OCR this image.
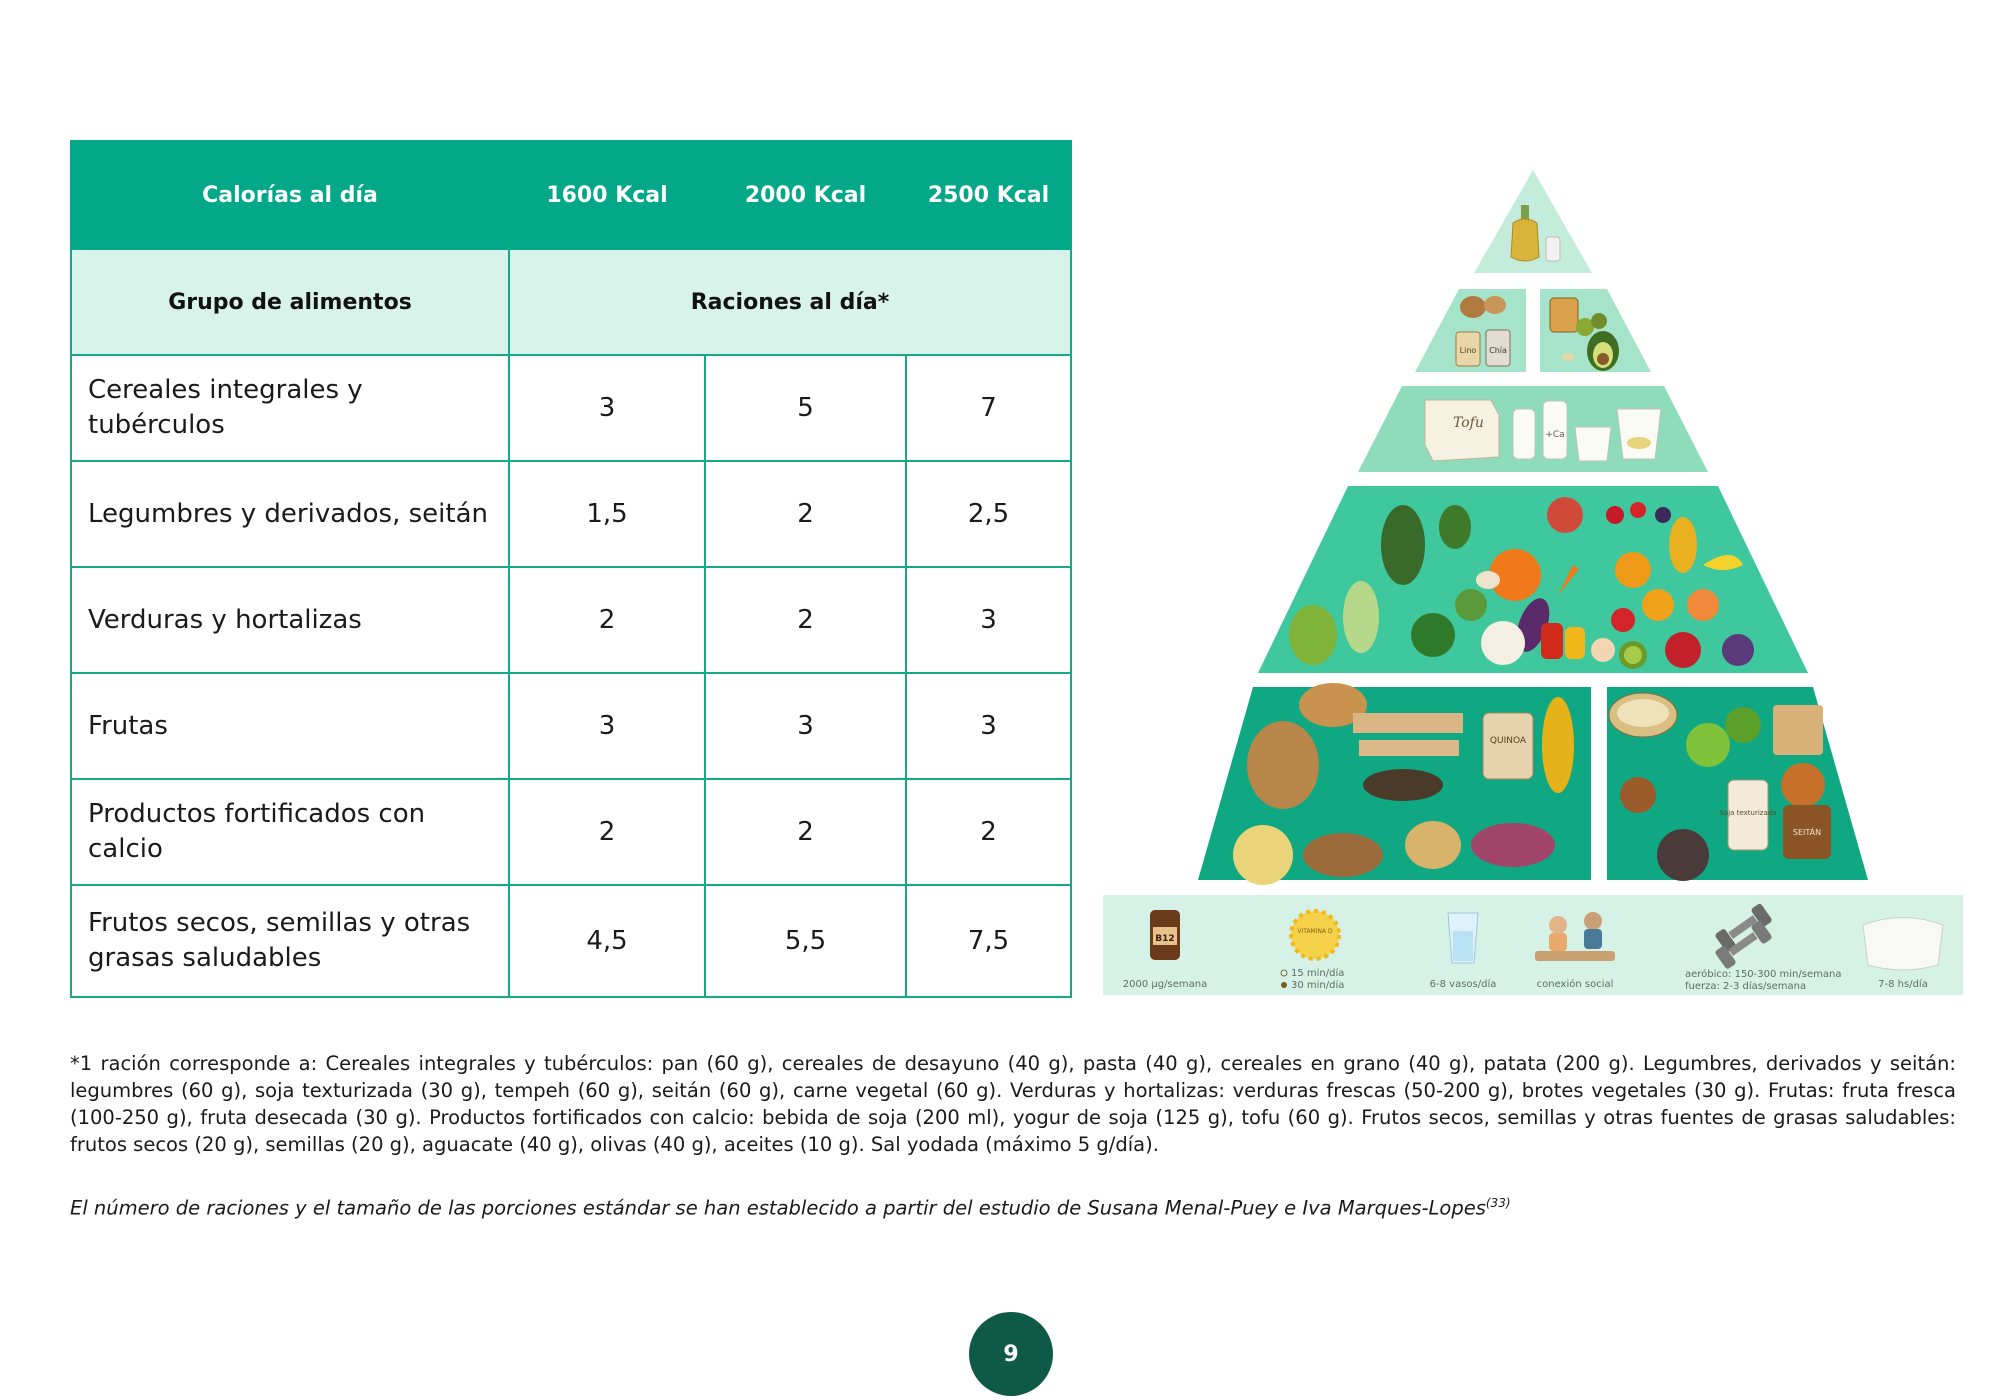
Calorías al día	1600 Kcal	2000 Kcal	2500 Kcal
Grupo de alimentos	Raciones al día*		
Cereales integrales y tubérculos	3	5	7
Legumbres y derivados, seitán	1,5	2	2,5
Verduras y hortalizas	2	2	3
Frutas	3	3	3
Productos fortificados con calcio	2	2	2
Frutos secos, semillas y otras grasas saludables	4,5	5,5	7,5
Lino Chía
Tofu
+Ca
QUINOA
Soja texturizada
SEITÁN
B12
2000 µg/semana
VITAMINA D
15 min/día
30 min/día	6-8 vasos/día	conexión social
aeróbico: 150-300 min/semana
fuerza: 2-3 días/semana	7-8 hs/día

*1 ración corresponde a: Cereales integrales y tubérculos: pan (60 g), cereales de desayuno (40 g), pasta (40 g), cereales en grano (40 g), patata (200 g). Legumbres, derivados y seitán: legumbres (60 g), soja texturizada (30 g), tempeh (60 g), seitán (60 g), carne vegetal (60 g). Verduras y hortalizas: verduras frescas (50-200 g), brotes vegetales (30 g). Frutas: fruta fresca (100-250 g), fruta desecada (30 g). Productos fortificados con calcio: bebida de soja (200 ml), yogur de soja (125 g), tofu (60 g). Frutos secos, semillas y otras fuentes de grasas saludables: frutos secos (20 g), semillas (20 g), aguacate (40 g), olivas (40 g), aceites (10 g). Sal yodada (máximo 5 g/día).

El número de raciones y el tamaño de las porciones estándar se han establecido a partir del estudio de Susana Menal-Puey e Iva Marques-Lopes$^{(33)}$

9
